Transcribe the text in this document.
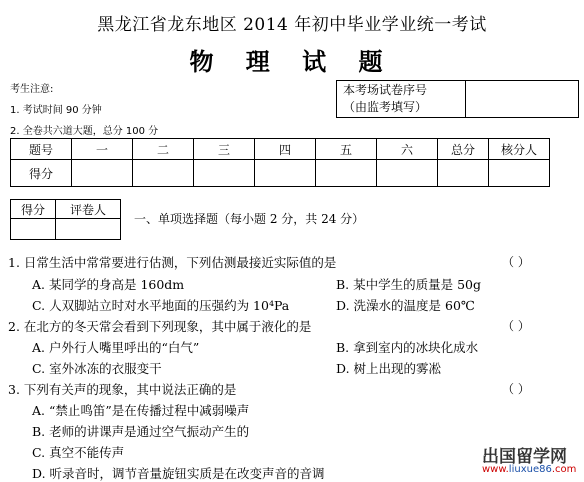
黑龙江省龙东地区 2014 年初中毕业学业统一考试
物 理 试 题
考生注意:
1. 考试时间 90 分钟
2. 全卷共六道大题，总分 100 分
本考场试卷序号
（由监考填写）

题号	一	二	三	四	五	六	总分	核分人
得分								
得分	评卷人

一、单项选择题（每小题 2 分，共 24 分）
1. 日常生活中常常要进行估测，下列估测最接近实际值的是	（ ）
A. 某同学的身高是 160dm	B. 某中学生的质量是 50g
C. 人双脚站立时对水平地面的压强约为 10⁴Pa	D. 洗澡水的温度是 60℃
2. 在北方的冬天常会看到下列现象，其中属于液化的是	（ ）
A. 户外行人嘴里呼出的“白气”	B. 拿到室内的冰块化成水
C. 室外冰冻的衣服变干	D. 树上出现的雾凇
3. 下列有关声的现象，其中说法正确的是	（ ）
A. “禁止鸣笛”是在传播过程中减弱噪声
B. 老师的讲课声是通过空气振动产生的
C. 真空不能传声
D. 听录音时，调节音量旋钮实质是在改变声音的音调
出国留学网
www.liuxue86.com
